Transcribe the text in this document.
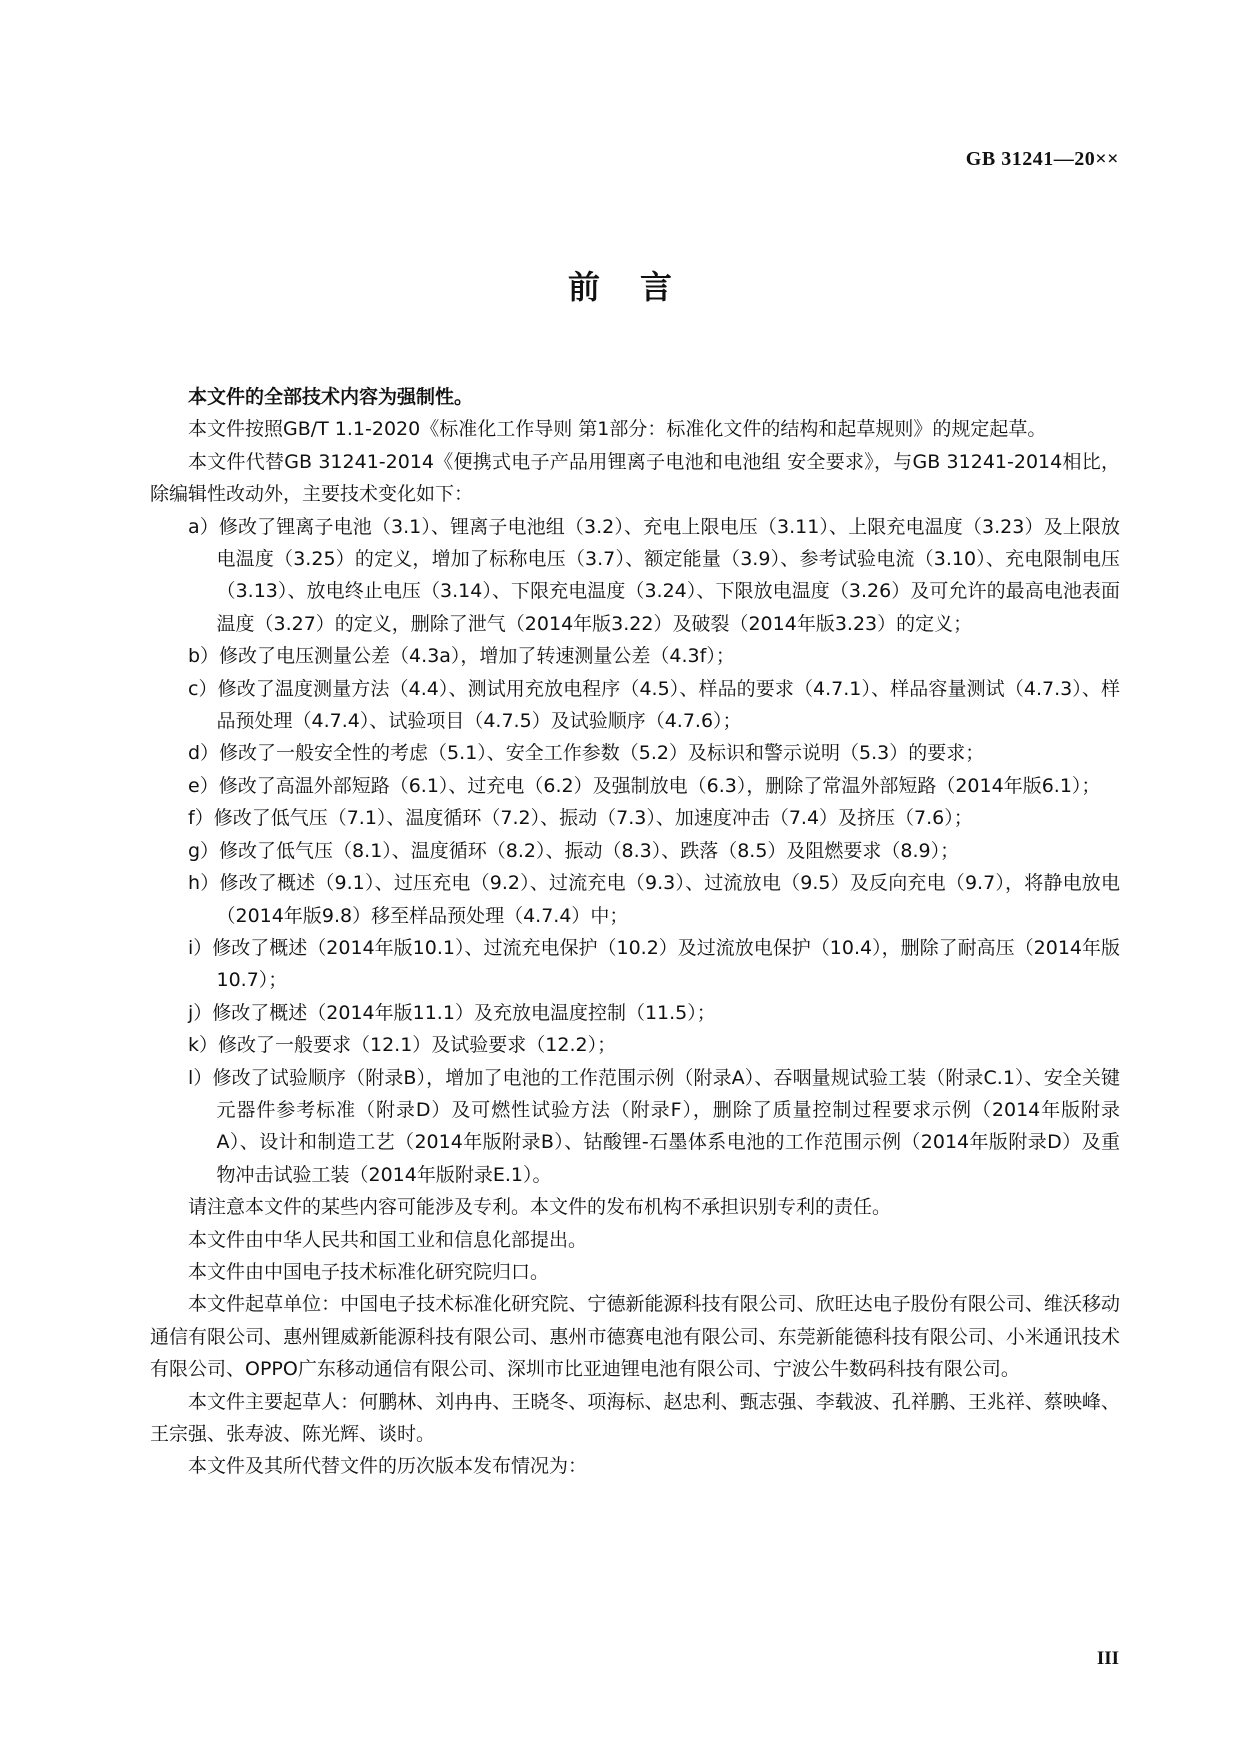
GB 31241—20××
前言

本文件的全部技术内容为强制性。

本文件按照GB/T 1.1-2020《标准化工作导则 第1部分：标准化文件的结构和起草规则》的规定起草。

本文件代替GB 31241-2014《便携式电子产品用锂离子电池和电池组 安全要求》，与GB 31241-2014相比，除编辑性改动外，主要技术变化如下：

a）修改了锂离子电池（3.1）、锂离子电池组（3.2）、充电上限电压（3.11）、上限充电温度（3.23）及上限放电温度（3.25）的定义，增加了标称电压（3.7）、额定能量（3.9）、参考试验电流（3.10）、充电限制电压（3.13）、放电终止电压（3.14）、下限充电温度（3.24）、下限放电温度（3.26）及可允许的最高电池表面温度（3.27）的定义，删除了泄气（2014年版3.22）及破裂（2014年版3.23）的定义；

b）修改了电压测量公差（4.3a），增加了转速测量公差（4.3f）；

c）修改了温度测量方法（4.4）、测试用充放电程序（4.5）、样品的要求（4.7.1）、样品容量测试（4.7.3）、样品预处理（4.7.4）、试验项目（4.7.5）及试验顺序（4.7.6）；

d）修改了一般安全性的考虑（5.1）、安全工作参数（5.2）及标识和警示说明（5.3）的要求；

e）修改了高温外部短路（6.1）、过充电（6.2）及强制放电（6.3），删除了常温外部短路（2014年版6.1）；

f）修改了低气压（7.1）、温度循环（7.2）、振动（7.3）、加速度冲击（7.4）及挤压（7.6）；

g）修改了低气压（8.1）、温度循环（8.2）、振动（8.3）、跌落（8.5）及阻燃要求（8.9）；

h）修改了概述（9.1）、过压充电（9.2）、过流充电（9.3）、过流放电（9.5）及反向充电（9.7），将静电放电（2014年版9.8）移至样品预处理（4.7.4）中；

i）修改了概述（2014年版10.1）、过流充电保护（10.2）及过流放电保护（10.4），删除了耐高压（2014年版10.7）；

j）修改了概述（2014年版11.1）及充放电温度控制（11.5）；

k）修改了一般要求（12.1）及试验要求（12.2）；

l）修改了试验顺序（附录B），增加了电池的工作范围示例（附录A）、吞咽量规试验工装（附录C.1）、安全关键元器件参考标准（附录D）及可燃性试验方法（附录F），删除了质量控制过程要求示例（2014年版附录A）、设计和制造工艺（2014年版附录B）、钴酸锂-石墨体系电池的工作范围示例（2014年版附录D）及重物冲击试验工装（2014年版附录E.1）。

请注意本文件的某些内容可能涉及专利。本文件的发布机构不承担识别专利的责任。

本文件由中华人民共和国工业和信息化部提出。

本文件由中国电子技术标准化研究院归口。

本文件起草单位：中国电子技术标准化研究院、宁德新能源科技有限公司、欣旺达电子股份有限公司、维沃移动通信有限公司、惠州锂威新能源科技有限公司、惠州市德赛电池有限公司、东莞新能德科技有限公司、小米通讯技术有限公司、OPPO广东移动通信有限公司、深圳市比亚迪锂电池有限公司、宁波公牛数码科技有限公司。

本文件主要起草人：何鹏林、刘冉冉、王晓冬、项海标、赵忠利、甄志强、李载波、孔祥鹏、王兆祥、蔡映峰、王宗强、张寿波、陈光辉、谈时。

本文件及其所代替文件的历次版本发布情况为：

III
